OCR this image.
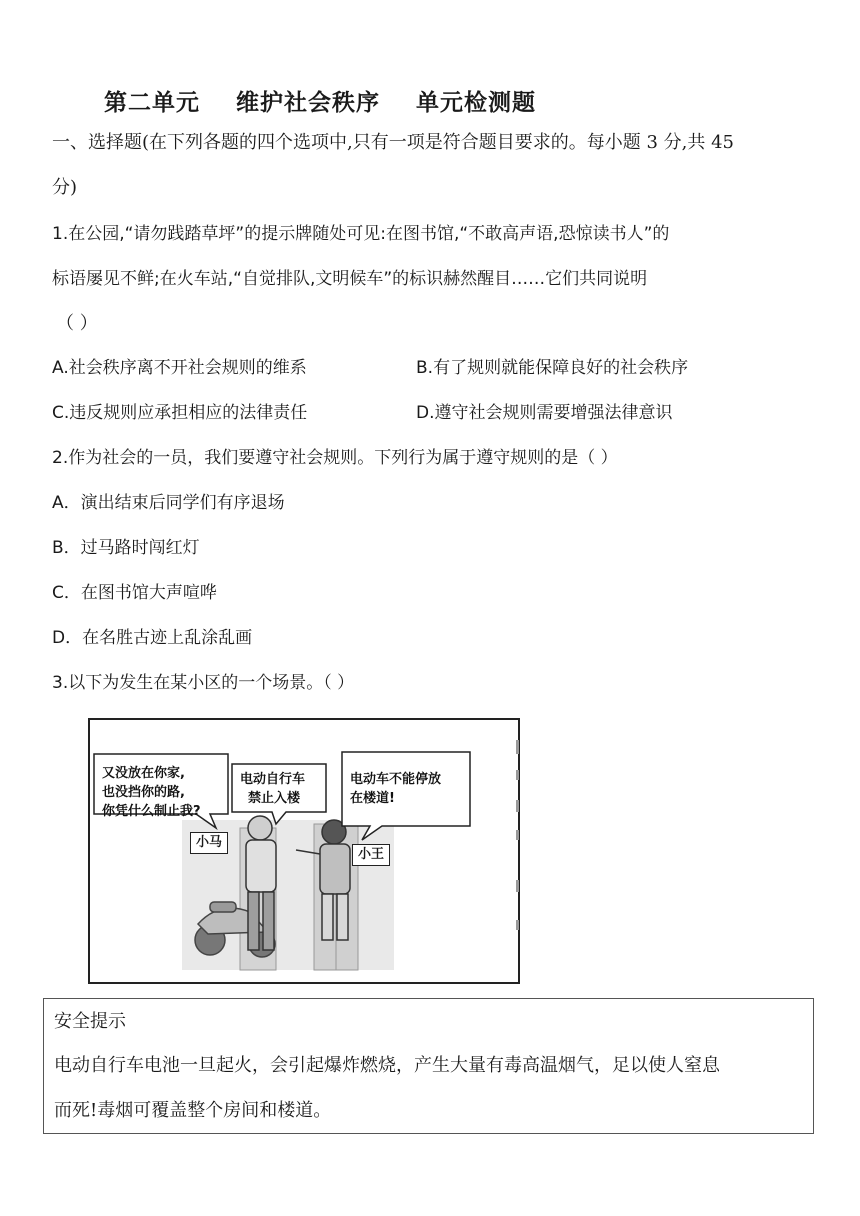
第二单元    维护社会秩序    单元检测题
一、选择题(在下列各题的四个选项中,只有一项是符合题目要求的。每小题 3 分,共 45
分)
1.在公园,“请勿践踏草坪”的提示牌随处可见:在图书馆,“不敢高声语,恐惊读书人”的
标语屡见不鲜;在火车站,“自觉排队,文明候车”的标识赫然醒目……它们共同说明
（ ）
A.社会秩序离不开社会规则的维系	B.有了规则就能保障良好的社会秩序
C.违反规则应承担相应的法律责任	D.遵守社会规则需要增强法律意识
2.作为社会的一员，我们要遵守社会规则。下列行为属于遵守规则的是（ ）
A．演出结束后同学们有序退场
B．过马路时闯红灯
C．在图书馆大声喧哗
D．在名胜古迹上乱涂乱画
3.以下为发生在某小区的一个场景。（ ）
又没放在你家,
也没挡你的路,
你凭什么制止我?
电动自行车
禁止入楼
电动车不能停放
在楼道!
小马
小王
安全提示
电动自行车电池一旦起火，会引起爆炸燃烧，产生大量有毒高温烟气，足以使人窒息
而死!毒烟可覆盖整个房间和楼道。
